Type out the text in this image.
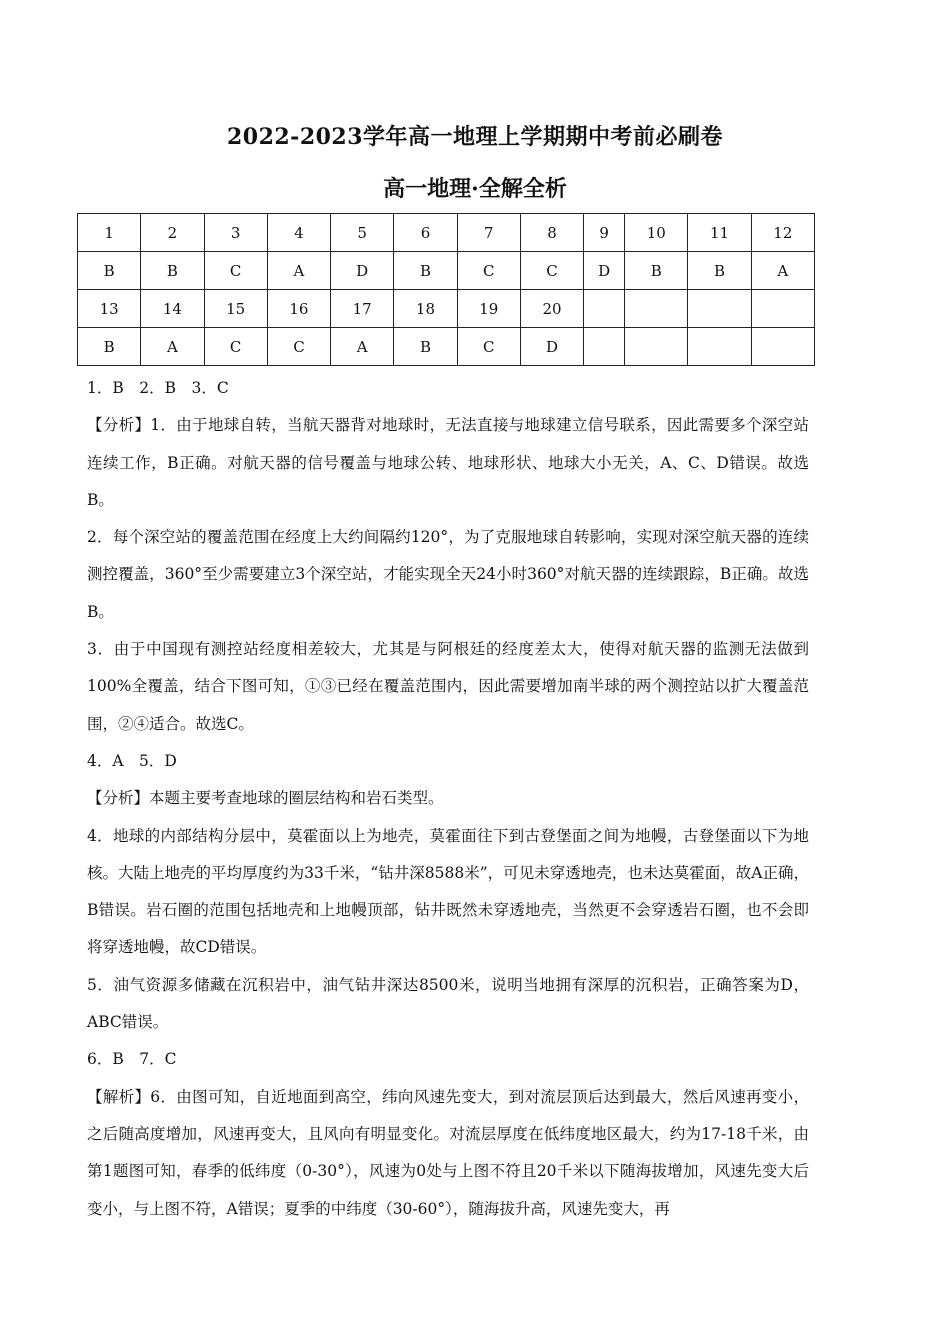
2022-2023学年高一地理上学期期中考前必刷卷
高一地理·全解全析
1	2	3	4	5	6	7	8	9	10	11	12
B	B	C	A	D	B	C	C	D	B	B	A
13	14	15	16	17	18	19	20				
B	A	C	C	A	B	C	D				

1．B　2．B　3．C

【分析】1．由于地球自转，当航天器背对地球时，无法直接与地球建立信号联系，因此需要多个深空站连续工作，B正确。对航天器的信号覆盖与地球公转、地球形状、地球大小无关，A、C、D错误。故选B。

2．每个深空站的覆盖范围在经度上大约间隔约120°，为了克服地球自转影响，实现对深空航天器的连续测控覆盖，360°至少需要建立3个深空站，才能实现全天24小时360°对航天器的连续跟踪，B正确。故选B。

3．由于中国现有测控站经度相差较大，尤其是与阿根廷的经度差太大，使得对航天器的监测无法做到100%全覆盖，结合下图可知，①③已经在覆盖范围内，因此需要增加南半球的两个测控站以扩大覆盖范围，②④适合。故选C。

4．A　5．D

【分析】本题主要考查地球的圈层结构和岩石类型。

4．地球的内部结构分层中，莫霍面以上为地壳，莫霍面往下到古登堡面之间为地幔，古登堡面以下为地核。大陆上地壳的平均厚度约为33千米，“钻井深8588米”，可见未穿透地壳，也未达莫霍面，故A正确，B错误。岩石圈的范围包括地壳和上地幔顶部，钻井既然未穿透地壳，当然更不会穿透岩石圈，也不会即将穿透地幔，故CD错误。

5．油气资源多储藏在沉积岩中，油气钻井深达8500米，说明当地拥有深厚的沉积岩，正确答案为D，ABC错误。

6．B　7．C

【解析】6．由图可知，自近地面到高空，纬向风速先变大，到对流层顶后达到最大，然后风速再变小，之后随高度增加，风速再变大，且风向有明显变化。对流层厚度在低纬度地区最大，约为17-18千米，由第1题图可知，春季的低纬度（0-30°），风速为0处与上图不符且20千米以下随海拔增加，风速先变大后变小，与上图不符，A错误；夏季的中纬度（30-60°），随海拔升高，风速先变大，再
